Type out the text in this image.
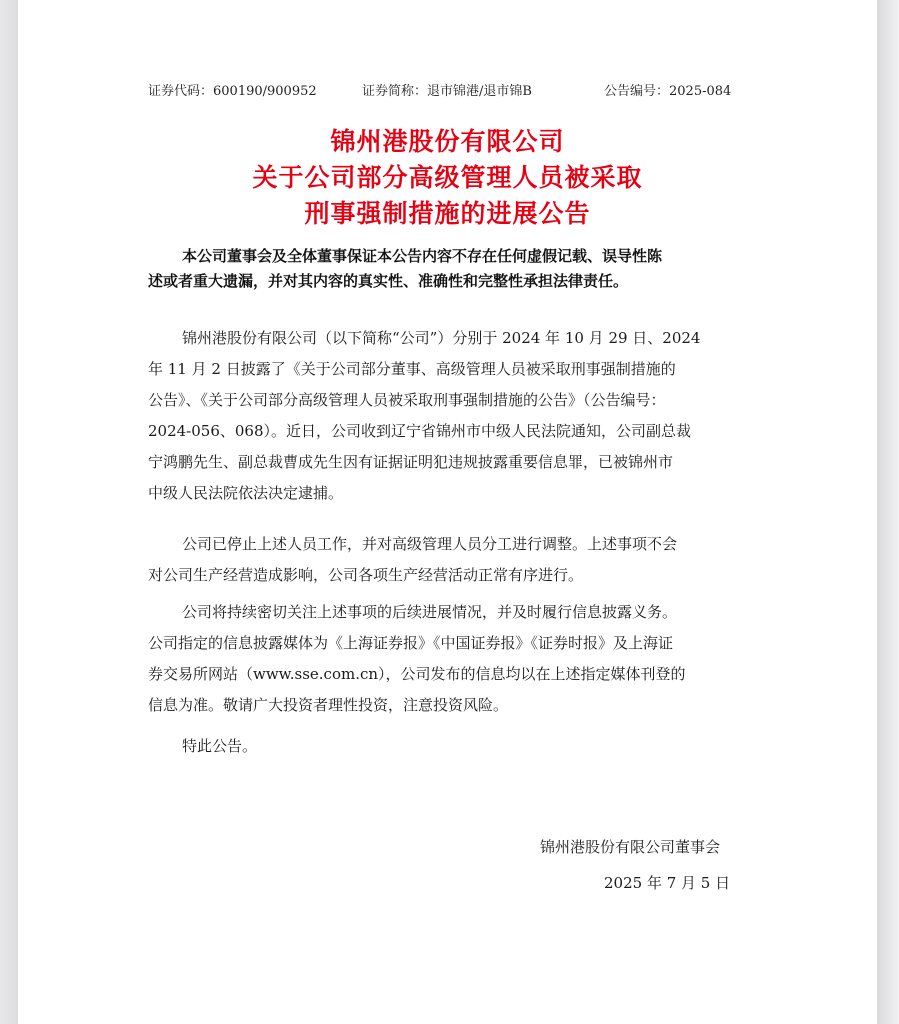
证券代码：600190/900952	证券简称：退市锦港/退市锦B	公告编号：2025-084
锦州港股份有限公司
关于公司部分高级管理人员被采取
刑事强制措施的进展公告
本公司董事会及全体董事保证本公告内容不存在任何虚假记载、误导性陈
述或者重大遗漏，并对其内容的真实性、准确性和完整性承担法律责任。
锦州港股份有限公司（以下简称“公司”）分别于 2024 年 10 月 29 日、2024
年 11 月 2 日披露了《关于公司部分董事、高级管理人员被采取刑事强制措施的
公告》、《关于公司部分高级管理人员被采取刑事强制措施的公告》（公告编号：
2024-056、068）。近日，公司收到辽宁省锦州市中级人民法院通知，公司副总裁
宁鸿鹏先生、副总裁曹成先生因有证据证明犯违规披露重要信息罪，已被锦州市
中级人民法院依法决定逮捕。
公司已停止上述人员工作，并对高级管理人员分工进行调整。上述事项不会
对公司生产经营造成影响，公司各项生产经营活动正常有序进行。
公司将持续密切关注上述事项的后续进展情况，并及时履行信息披露义务。
公司指定的信息披露媒体为《上海证券报》《中国证券报》《证券时报》及上海证
券交易所网站（www.sse.com.cn），公司发布的信息均以在上述指定媒体刊登的
信息为准。敬请广大投资者理性投资，注意投资风险。
特此公告。
锦州港股份有限公司董事会
2025 年 7 月 5 日
